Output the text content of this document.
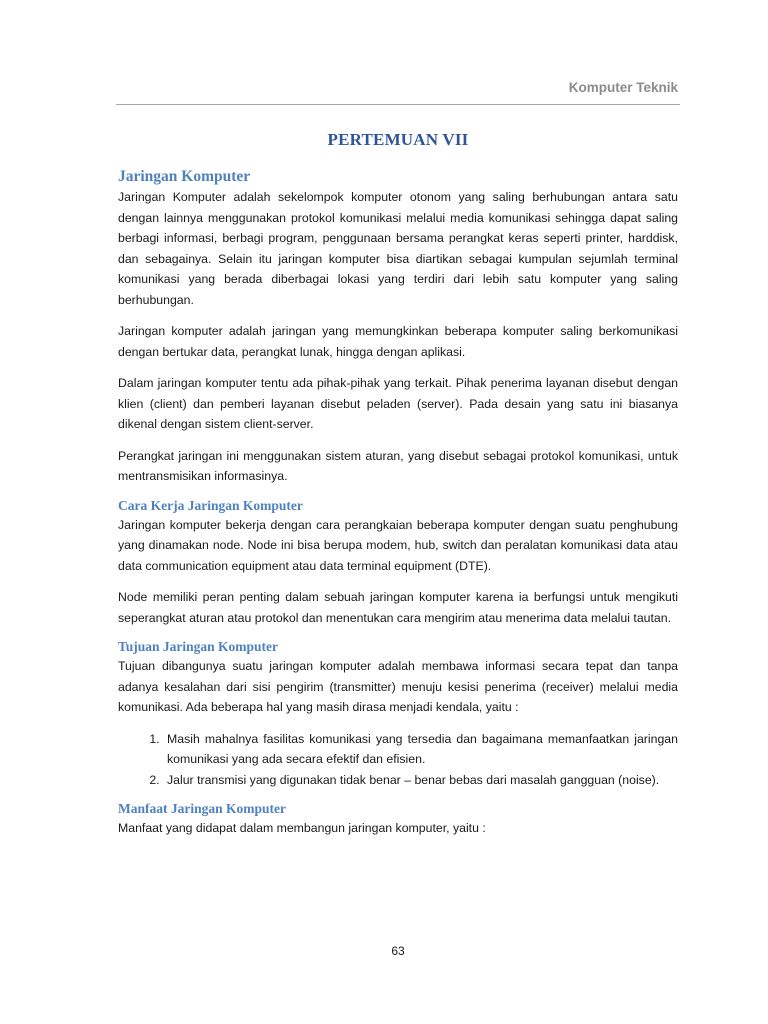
Komputer Teknik
PERTEMUAN VII
Jaringan Komputer

Jaringan Komputer adalah sekelompok komputer otonom yang saling berhubungan antara satu dengan lainnya menggunakan protokol komunikasi melalui media komunikasi sehingga dapat saling berbagi informasi, berbagi program, penggunaan bersama perangkat keras seperti printer, harddisk, dan sebagainya. Selain itu jaringan komputer bisa diartikan sebagai kumpulan sejumlah terminal komunikasi yang berada diberbagai lokasi yang terdiri dari lebih satu komputer yang saling berhubungan.

Jaringan komputer adalah jaringan yang memungkinkan beberapa komputer saling berkomunikasi dengan bertukar data, perangkat lunak, hingga dengan aplikasi.

Dalam jaringan komputer tentu ada pihak-pihak yang terkait. Pihak penerima layanan disebut dengan klien (client) dan pemberi layanan disebut peladen (server). Pada desain yang satu ini biasanya dikenal dengan sistem client-server.

Perangkat jaringan ini menggunakan sistem aturan, yang disebut sebagai protokol komunikasi, untuk mentransmisikan informasinya.

Cara Kerja Jaringan Komputer

Jaringan komputer bekerja dengan cara perangkaian beberapa komputer dengan suatu penghubung yang dinamakan node. Node ini bisa berupa modem, hub, switch dan peralatan komunikasi data atau data communication equipment atau data terminal equipment (DTE).

Node memiliki peran penting dalam sebuah jaringan komputer karena ia berfungsi untuk mengikuti seperangkat aturan atau protokol dan menentukan cara mengirim atau menerima data melalui tautan.

Tujuan Jaringan Komputer

Tujuan dibangunya suatu jaringan komputer adalah membawa informasi secara tepat dan tanpa adanya kesalahan dari sisi pengirim (transmitter) menuju kesisi penerima (receiver) melalui media komunikasi. Ada beberapa hal yang masih dirasa menjadi kendala, yaitu :

1. Masih mahalnya fasilitas komunikasi yang tersedia dan bagaimana memanfaatkan jaringan komunikasi yang ada secara efektif dan efisien.
2. Jalur transmisi yang digunakan tidak benar – benar bebas dari masalah gangguan (noise).
Manfaat Jaringan Komputer

Manfaat yang didapat dalam membangun jaringan komputer, yaitu :

63
